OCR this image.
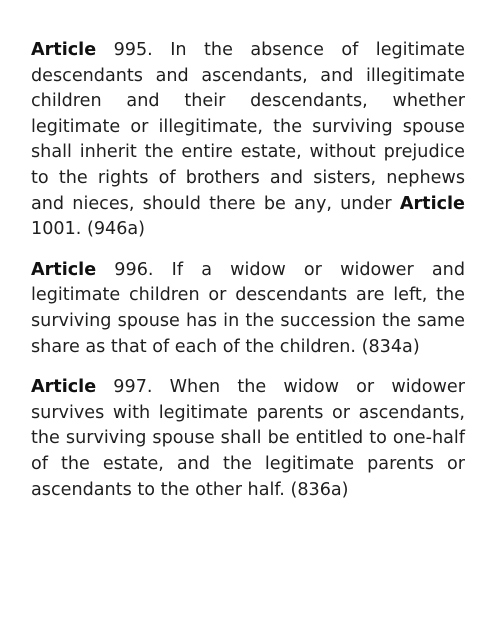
Article 995. In the absence of legitimate descendants and ascendants, and illegitimate children and their descendants, whether legitimate or illegitimate, the surviving spouse shall inherit the entire estate, without prejudice to the rights of brothers and sisters, nephews and nieces, should there be any, under Article 1001. (946a)

Article 996. If a widow or widower and legitimate children or descendants are left, the surviving spouse has in the succession the same share as that of each of the children. (834a)

Article 997. When the widow or widower survives with legitimate parents or ascendants, the surviving spouse shall be entitled to one-half of the estate, and the legitimate parents or ascendants to the other half. (836a)
